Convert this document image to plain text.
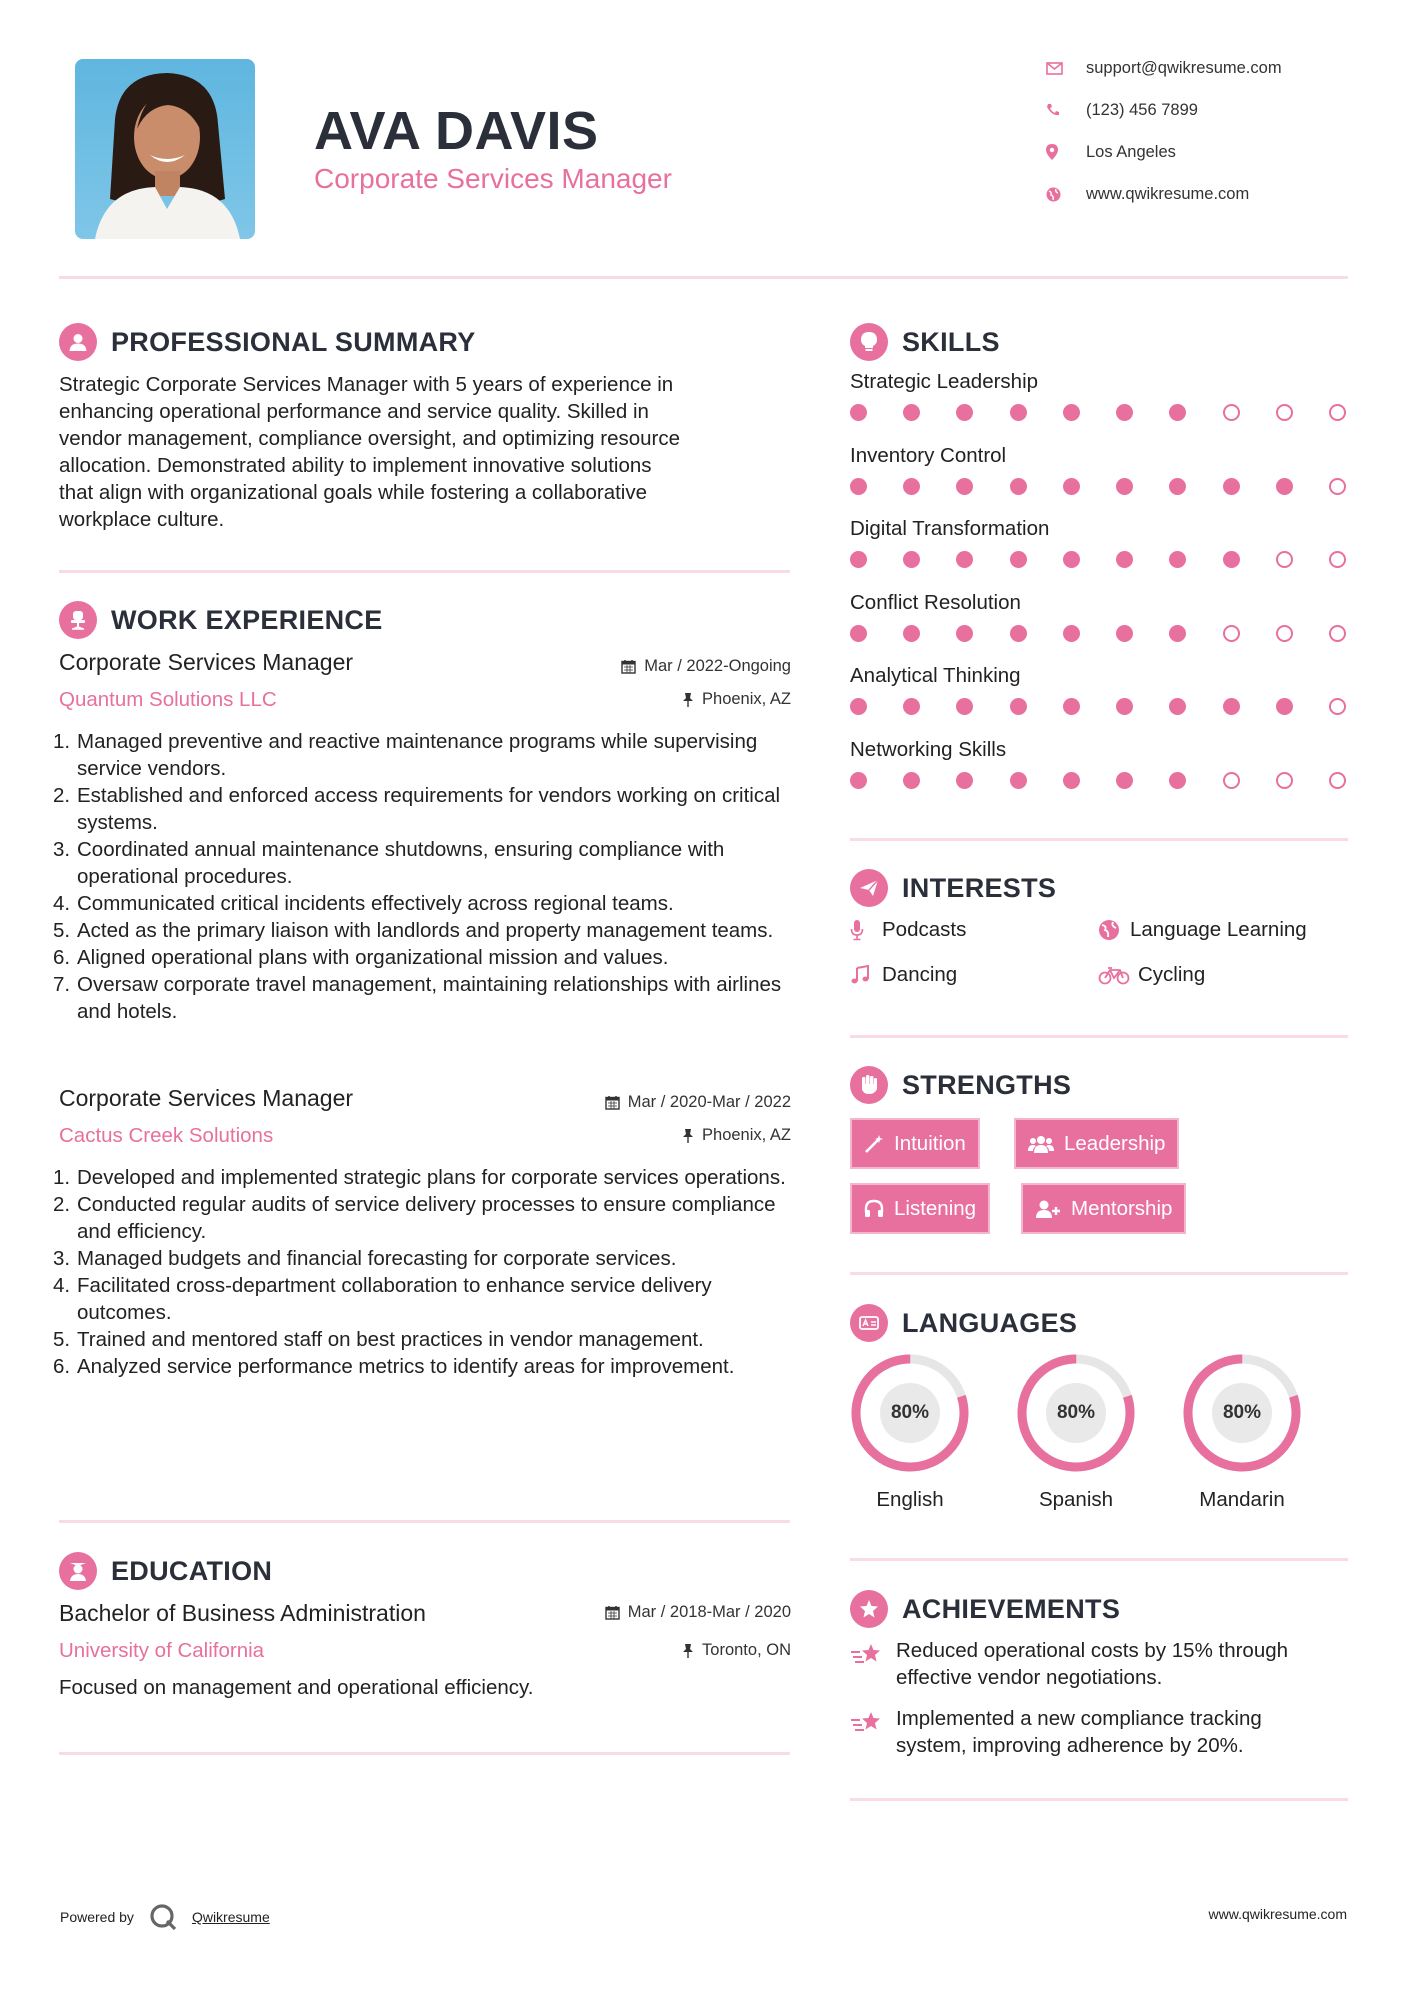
AVA DAVIS
Corporate Services Manager
support@qwikresume.com
(123) 456 7899
Los Angeles
www.qwikresume.com
PROFESSIONAL SUMMARY
Strategic Corporate Services Manager with 5 years of experience in
enhancing operational performance and service quality. Skilled in
vendor management, compliance oversight, and optimizing resource
allocation. Demonstrated ability to implement innovative solutions
that align with organizational goals while fostering a collaborative
workplace culture.
WORK EXPERIENCE
Corporate Services Manager
Quantum Solutions LLC
Mar / 2022-Ongoing
Phoenix, AZ
Managed preventive and reactive maintenance programs while supervising service vendors.
Established and enforced access requirements for vendors working on critical systems.
Coordinated annual maintenance shutdowns, ensuring compliance with operational procedures.
Communicated critical incidents effectively across regional teams.
Acted as the primary liaison with landlords and property management teams.
Aligned operational plans with organizational mission and values.
Oversaw corporate travel management, maintaining relationships with airlines and hotels.
Corporate Services Manager
Cactus Creek Solutions
Mar / 2020-Mar / 2022
Phoenix, AZ
Developed and implemented strategic plans for corporate services operations.
Conducted regular audits of service delivery processes to ensure compliance and efficiency.
Managed budgets and financial forecasting for corporate services.
Facilitated cross-department collaboration to enhance service delivery outcomes.
Trained and mentored staff on best practices in vendor management.
Analyzed service performance metrics to identify areas for improvement.
EDUCATION
Bachelor of Business Administration
University of California
Mar / 2018-Mar / 2020
Toronto, ON
Focused on management and operational efficiency.
SKILLS
Strategic Leadership
Inventory Control
Digital Transformation
Conflict Resolution
Analytical Thinking
Networking Skills
INTERESTS
Podcasts	Language Learning
Dancing	Cycling
STRENGTHS
Intuition	Leadership
Listening	Mentorship
LANGUAGES
80%
English
80%
Spanish
80%
Mandarin
ACHIEVEMENTS
Reduced operational costs by 15% through
effective vendor negotiations.
Implemented a new compliance tracking
system, improving adherence by 20%.
Powered by	Qwikresume	www.qwikresume.com
